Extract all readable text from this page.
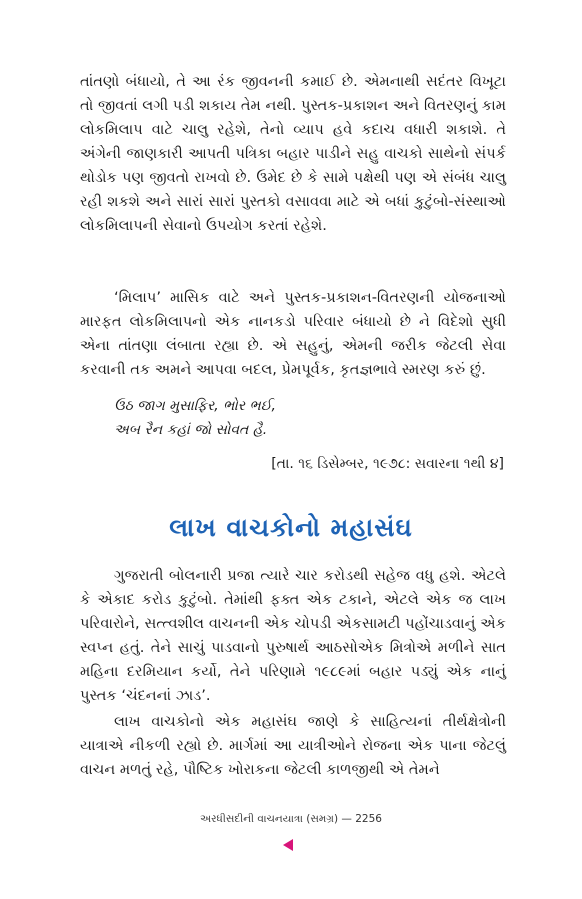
તાંતણો બંધાયો, તે આ રંક જીવનની કમાઈ છે. એમનાથી સદંતર વિખૂટા તો જીવતાં લગી પડી શકાય તેમ નથી. પુસ્તક-પ્રકાશન અને વિતરણનું કામ લોકમિલાપ વાટે ચાલુ રહેશે, તેનો વ્યાપ હવે કદાચ વધારી શકાશે. તે અંગેની જાણકારી આપતી પત્રિકા બહાર પાડીને સહુ વાચકો સાથેનો સંપર્ક થોડોક પણ જીવતો રાખવો છે. ઉમેદ છે કે સામે પક્ષેથી પણ એ સંબંધ ચાલુ રહી શકશે અને સારાં સારાં પુસ્તકો વસાવવા માટે એ બધાં કુટુંબો-સંસ્થાઓ લોકમિલાપની સેવાનો ઉપયોગ કરતાં રહેશે.

‘મિલાપ’ માસિક વાટે અને પુસ્તક-પ્રકાશન-વિતરણની યોજનાઓ મારફત લોકમિલાપનો એક નાનકડો પરિવાર બંધાયો છે ને વિદેશો સુધી એના તાંતણા લંબાતા રહ્યા છે. એ સહુનું, એમની જરીક જેટલી સેવા કરવાની તક અમને આપવા બદલ, પ્રેમપૂર્વક, કૃતજ્ઞભાવે સ્મરણ કરું છું.

ઉઠ જાગ મુસાફિર, ભોર ભઈ,

અબ રૈન કહાં જો સોવત હૈ.

[તા. ૧૬ ડિસેમ્બર, ૧૯૭૮: સવારના ૧થી ૪]
લાખ વાચકોનો મહાસંઘ

ગુજરાતી બોલનારી પ્રજા ત્યારે ચાર કરોડથી સહેજ વધુ હશે. એટલે કે એકાદ કરોડ કુટુંબો. તેમાંથી ફક્ત એક ટકાને, એટલે એક જ લાખ પરિવારોને, સત્ત્વશીલ વાચનની એક ચોપડી એકસામટી પહોંચાડવાનું એક સ્વપ્ન હતું. તેને સાચું પાડવાનો પુરુષાર્થ આઠસોએક મિત્રોએ મળીને સાત મહિના દરમિયાન કર્યો, તેને પરિણામે ૧૯૮૯માં બહાર પડ્યું એક નાનું પુસ્તક ‘ચંદનનાં ઝાડ’.

લાખ વાચકોનો એક મહાસંઘ જાણે કે સાહિત્યનાં તીર્થક્ષેત્રોની યાત્રાએ નીકળી રહ્યો છે. માર્ગમાં આ યાત્રીઓને રોજના એક પાના જેટલું વાચન મળતું રહે, પૌષ્ટિક ખોરાકના જેટલી કાળજીથી એ તેમને

અરધીસદીની વાચનયાત્રા (સમગ્ર) — 2256
